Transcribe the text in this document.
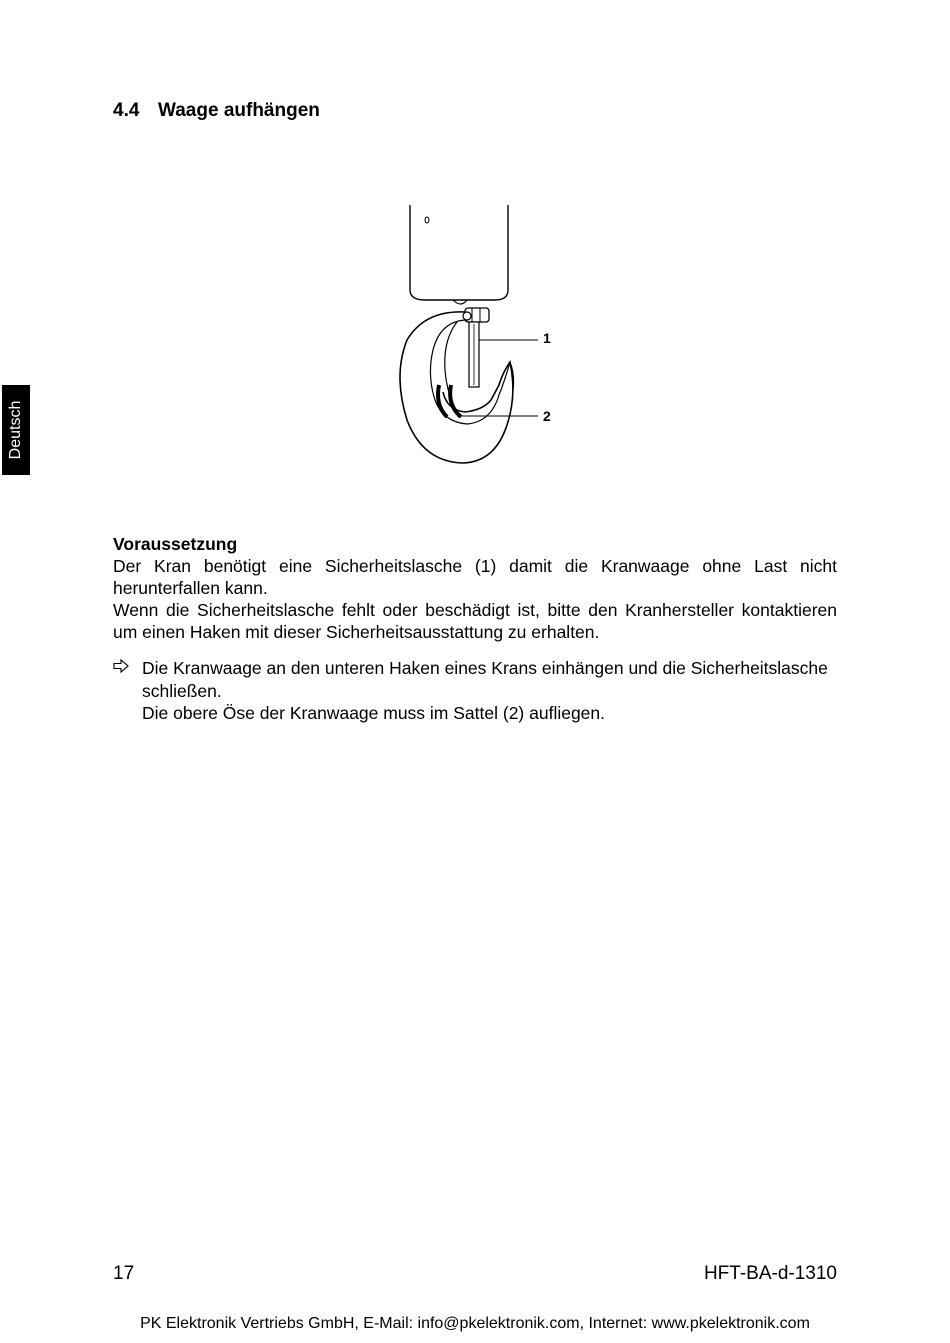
4.4 Waage aufhängen
Deutsch
1
2

Voraussetzung

Der Kran benötigt eine Sicherheitslasche (1) damit die Kranwaage ohne Last nicht herunterfallen kann.

Wenn die Sicherheitslasche fehlt oder beschädigt ist, bitte den Kranhersteller kontaktieren um einen Haken mit dieser Sicherheitsausstattung zu erhalten.

Die Kranwaage an den unteren Haken eines Krans einhängen und die Sicherheitslasche schließen.
Die obere Öse der Kranwaage muss im Sattel (2) aufliegen.
17	HFT-BA-d-1310
PK Elektronik Vertriebs GmbH, E-Mail: info@pkelektronik.com, Internet: www.pkelektronik.com
